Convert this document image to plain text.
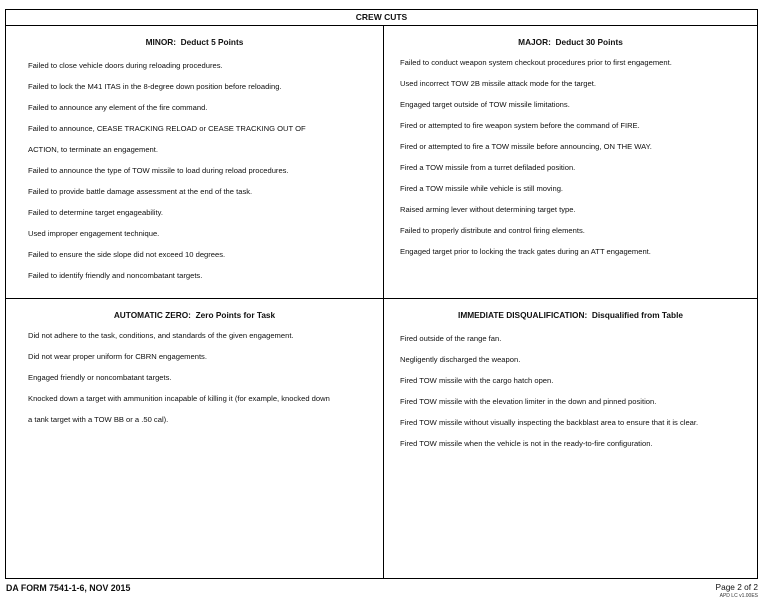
CREW CUTS
MINOR: Deduct 5 Points
Failed to close vehicle doors during reloading procedures.
Failed to lock the M41 ITAS in the 8-degree down position before reloading.
Failed to announce any element of the fire command.
Failed to announce, CEASE TRACKING RELOAD or CEASE TRACKING OUT OF
ACTION, to terminate an engagement.
Failed to announce the type of TOW missile to load during reload procedures.
Failed to provide battle damage assessment at the end of the task.
Failed to determine target engageability.
Used improper engagement technique.
Failed to ensure the side slope did not exceed 10 degrees.
Failed to identify friendly and noncombatant targets.
MAJOR: Deduct 30 Points
Failed to conduct weapon system checkout procedures prior to first engagement.
Used incorrect TOW 2B missile attack mode for the target.
Engaged target outside of TOW missile limitations.
Fired or attempted to fire weapon system before the command of FIRE.
Fired or attempted to fire a TOW missile before announcing, ON THE WAY.
Fired a TOW missile from a turret defiladed position.
Fired a TOW missile while vehicle is still moving.
Raised arming lever without determining target type.
Failed to properly distribute and control firing elements.
Engaged target prior to locking the track gates during an ATT engagement.
AUTOMATIC ZERO: Zero Points for Task
Did not adhere to the task, conditions, and standards of the given engagement.
Did not wear proper uniform for CBRN engagements.
Engaged friendly or noncombatant targets.
Knocked down a target with ammunition incapable of killing it (for example, knocked down
a tank target with a TOW BB or a .50 cal).
IMMEDIATE DISQUALIFICATION: Disqualified from Table
Fired outside of the range fan.
Negligently discharged the weapon.
Fired TOW missile with the cargo hatch open.
Fired TOW missile with the elevation limiter in the down and pinned position.
Fired TOW missile without visually inspecting the backblast area to ensure that it is clear.
Fired TOW missile when the vehicle is not in the ready-to-fire configuration.
DA FORM 7541-1-6, NOV 2015	Page 2 of 2
APD LC v1.00ES
